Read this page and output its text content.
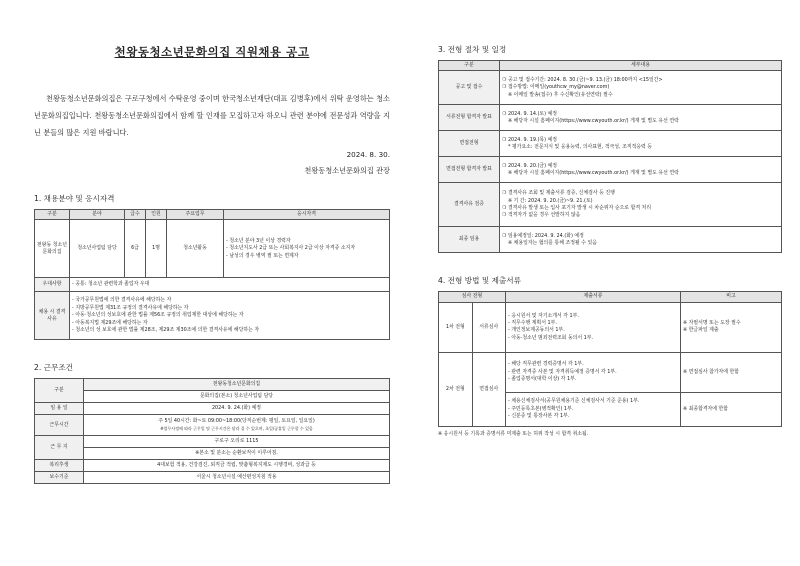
천왕동청소년문화의집 직원채용 공고
천왕동청소년문화의집은 구로구청에서 수탁운영 중이며 한국청소년재단(대표 김병후)에서 위탁 운영하는 청소년문화의집입니다. 천왕동청소년문화의집에서 함께 할 인재를 모집하고자 하오니 관련 분야에 전문성과 역량을 지닌 분들의 많은 지원 바랍니다.
2024. 8. 30.
천왕동청소년문화의집 관장
1. 채용분야 및 응시자격
구분	분야	급수	인원	주요업무	응시자격
천왕동 청소년 문화의집	청소년사업팀 담당	6급	1명	청소년활동	- 청소년 분야 3년 이상 경력자
- 청소년지도사 2급 또는 사회복지사 2급 이상 자격증 소지자
- 남성의 경우 병역 필 또는 면제자

우대사항	- 공통: 청소년 관련학과 졸업자 우대				
채용 시 결격사유	- 국가공무원법에 의한 결격사유에 해당하는 자
- 지방공무원법 제31조 규정의 결격사유에 해당하는 자
- 아동·청소년의 성보호에 관한 법률 제56조 규정의 취업제한 대상에 해당하는 자
- 아동복지법 제29조에 해당하는 자
- 청소년의 성 보호에 관한 법률 제28조, 제29조 제30조에 의한 결격사유에 해당하는 자				
2. 근무조건
구분	천왕동청소년문화의집
	문화의집(본소) 청소년사업팀 담당
임 용 일	2024. 9. 24.(화) 예정
근무시간	주 5일 40시간: 화~토 09:00~18:00(당직순번제: 평일, 토요일, 일요일)
※업무사정에 따라 근무일 및 근무시간은 달라 질 수 있으며, 초일/공휴일 근무할 수 있음

근 무 지	구로구 오리로 1115
	※본소 및 분소는 순환보직이 이루어짐.
복리후생	4대보험 적용, 건강검진, 퇴직금 적립, 맞춤형복지제도 시행경비, 성과급 등
보수기준	서울시 청소년시설 예산편성지침 적용
3. 전형 절차 및 일정
구분	세부내용
공고 및 접수	❍ 공고 및 접수기간: 2024. 8. 30.(금)~9. 13.(금) 18:00까지 <15일간>
❍ 접수방법: 이메일(youthcw_my@naver.com)
※ 이메일 발송(접수) 후 수신확인(유선연락) 필수

서류전형 합격자 발표	❍ 2024. 9. 14.(토) 예정
※ 해당자 시설 홈페이지(https://www.cwyouth.or.kr/) 게재 및 별도 유선 연락

면접전형	❍ 2024. 9. 19.(목) 예정
* 평가요소: 전문지식 및 응용능력, 의사표현, 적극성, 조직적응력 등

면접전형 합격자 발표	❍ 2024. 9. 20.(금) 예정
※ 해당자 시설 홈페이지(https://www.cwyouth.or.kr/) 게재 및 별도 유선 연락

결격사유 검증	❍ 결격사유 조회 및 제출서류 검증, 신체검사 등 진행
※ 기 간: 2024. 9. 20.(금)~9. 21.(토)
❍ 결격사유 발생 또는 입사 포기자 발생 시 차순위자 순으로 합격 처리
❍ 적격자가 없을 경우 선발하지 않음

최종 임용	❍ 임용예정일: 2024. 9. 24.(화) 예정
※ 채용일자는 협의를 통해 조정될 수 있음
4. 전형 방법 및 제출서류
심사 전형		제출서류	비고
1차 전형	서류심사	- 응시원서 및 자기소개서 각 1부.
- 직무수행 계획서 1부.
- 개인정보제공동의서 1부.
- 아동·청소년 범죄전력조회 동의서 1부.	※ 자필서명 또는 도장 필수
※ 한글파일 제출
2차 전형	면접심사	- 해당 직무관련 경력증명서 각 1부.
- 관련 자격증 사본 및 자격취득예정 증명서 각 1부.
- 졸업증명서(대학 이상) 각 1부.	※ 면접심사 참가자에 한함

		- 채용신체검사서(공무원채용기준 신체검사서 기준 준용) 1부.
- 주민등록초본(병적확인) 1부.
- 신분증 및 통장사본 각 1부.	※ 최종합격자에 한함
※ 응시원서 등 기록과 증명서류 미제출 또는 허위 작성 시 합격 취소됨.
